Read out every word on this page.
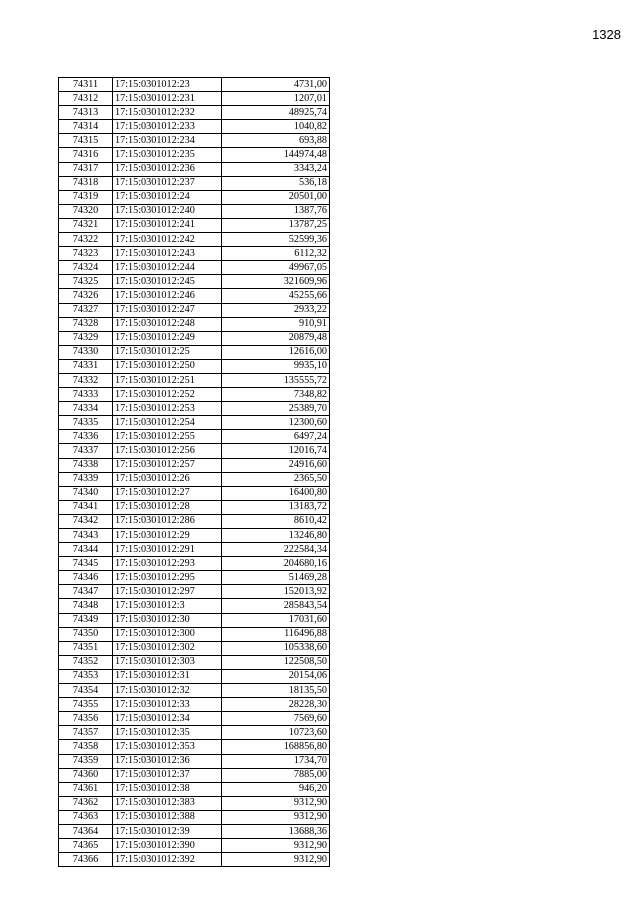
1328
74311	17:15:0301012:23	4731,00
74312	17:15:0301012:231	1207,01
74313	17:15:0301012:232	48925,74
74314	17:15:0301012:233	1040,82
74315	17:15:0301012:234	693,88
74316	17:15:0301012:235	144974,48
74317	17:15:0301012:236	3343,24
74318	17:15:0301012:237	536,18
74319	17:15:0301012:24	20501,00
74320	17:15:0301012:240	1387,76
74321	17:15:0301012:241	13787,25
74322	17:15:0301012:242	52599,36
74323	17:15:0301012:243	6112,32
74324	17:15:0301012:244	49967,05
74325	17:15:0301012:245	321609,96
74326	17:15:0301012:246	45255,66
74327	17:15:0301012:247	2933,22
74328	17:15:0301012:248	910,91
74329	17:15:0301012:249	20879,48
74330	17:15:0301012:25	12616,00
74331	17:15:0301012:250	9935,10
74332	17:15:0301012:251	135555,72
74333	17:15:0301012:252	7348,82
74334	17:15:0301012:253	25389,70
74335	17:15:0301012:254	12300,60
74336	17:15:0301012:255	6497,24
74337	17:15:0301012:256	12016,74
74338	17:15:0301012:257	24916,60
74339	17:15:0301012:26	2365,50
74340	17:15:0301012:27	16400,80
74341	17:15:0301012:28	13183,72
74342	17:15:0301012:286	8610,42
74343	17:15:0301012:29	13246,80
74344	17:15:0301012:291	222584,34
74345	17:15:0301012:293	204680,16
74346	17:15:0301012:295	51469,28
74347	17:15:0301012:297	152013,92
74348	17:15:0301012:3	285843,54
74349	17:15:0301012:30	17031,60
74350	17:15:0301012:300	116496,88
74351	17:15:0301012:302	105338,60
74352	17:15:0301012:303	122508,50
74353	17:15:0301012:31	20154,06
74354	17:15:0301012:32	18135,50
74355	17:15:0301012:33	28228,30
74356	17:15:0301012:34	7569,60
74357	17:15:0301012:35	10723,60
74358	17:15:0301012:353	168856,80
74359	17:15:0301012:36	1734,70
74360	17:15:0301012:37	7885,00
74361	17:15:0301012:38	946,20
74362	17:15:0301012:383	9312,90
74363	17:15:0301012:388	9312,90
74364	17:15:0301012:39	13688,36
74365	17:15:0301012:390	9312,90
74366	17:15:0301012:392	9312,90
